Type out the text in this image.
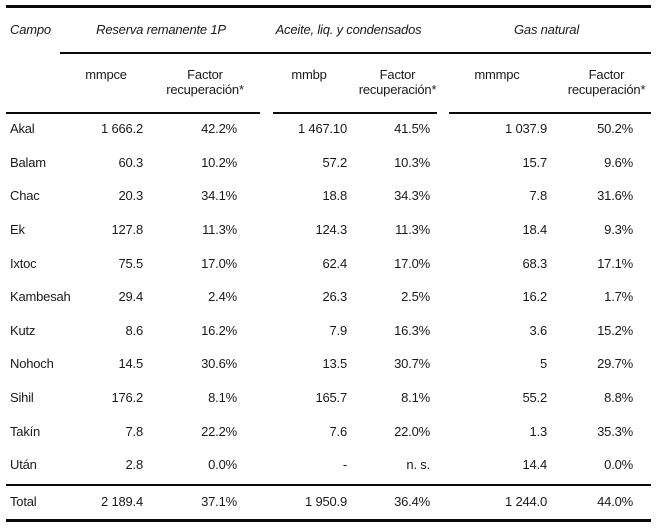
Campo	Reserva remanente 1P		Aceite, liq. y condensados		Gas natural	
	mmpce	Factor recuperación*	mmbp	Factor recuperación*	mmmpc	Factor recuperación*
Akal	1 666.2	42.2%	1 467.10	41.5%	1 037.9	50.2%
Balam	60.3	10.2%	57.2	10.3%	15.7	9.6%
Chac	20.3	34.1%	18.8	34.3%	7.8	31.6%
Ek	127.8	11.3%	124.3	11.3%	18.4	9.3%
Ixtoc	75.5	17.0%	62.4	17.0%	68.3	17.1%
Kambesah	29.4	2.4%	26.3	2.5%	16.2	1.7%
Kutz	8.6	16.2%	7.9	16.3%	3.6	15.2%
Nohoch	14.5	30.6%	13.5	30.7%	5	29.7%
Sihil	176.2	8.1%	165.7	8.1%	55.2	8.8%
Takín	7.8	22.2%	7.6	22.0%	1.3	35.3%
Után	2.8	0.0%	-	n. s.	14.4	0.0%
Total	2 189.4	37.1%	1 950.9	36.4%	1 244.0	44.0%
